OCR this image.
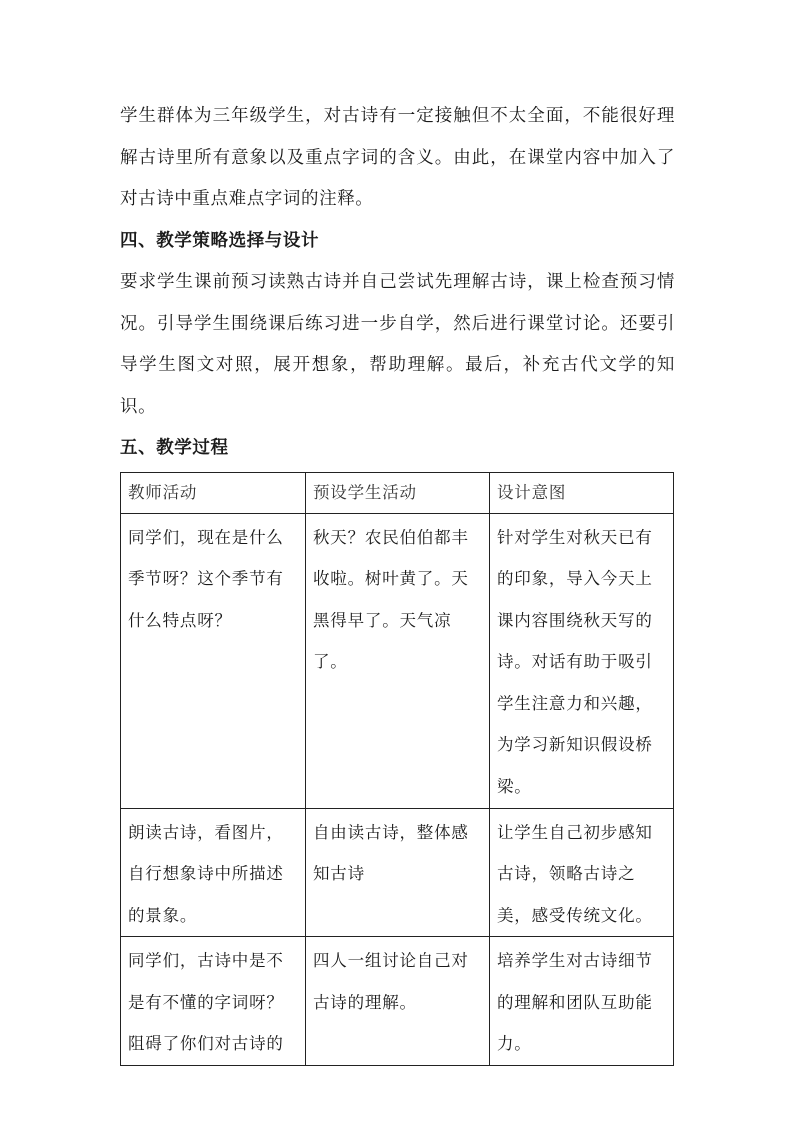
学生群体为三年级学生，对古诗有一定接触但不太全面，不能很好理解古诗里所有意象以及重点字词的含义。由此，在课堂内容中加入了对古诗中重点难点字词的注释。

四、教学策略选择与设计

要求学生课前预习读熟古诗并自己尝试先理解古诗，课上检查预习情况。引导学生围绕课后练习进一步自学，然后进行课堂讨论。还要引导学生图文对照，展开想象，帮助理解。最后，补充古代文学的知识。

五、教学过程

教师活动	预设学生活动	设计意图
同学们，现在是什么季节呀？这个季节有什么特点呀？	秋天？农民伯伯都丰收啦。树叶黄了。天黑得早了。天气凉了。	针对学生对秋天已有的印象，导入今天上课内容围绕秋天写的诗。对话有助于吸引学生注意力和兴趣，为学习新知识假设桥梁。
朗读古诗，看图片，自行想象诗中所描述的景象。	自由读古诗，整体感知古诗	让学生自己初步感知古诗，领略古诗之美，感受传统文化。
同学们，古诗中是不是有不懂的字词呀？阻碍了你们对古诗的	四人一组讨论自己对古诗的理解。	培养学生对古诗细节的理解和团队互助能力。
